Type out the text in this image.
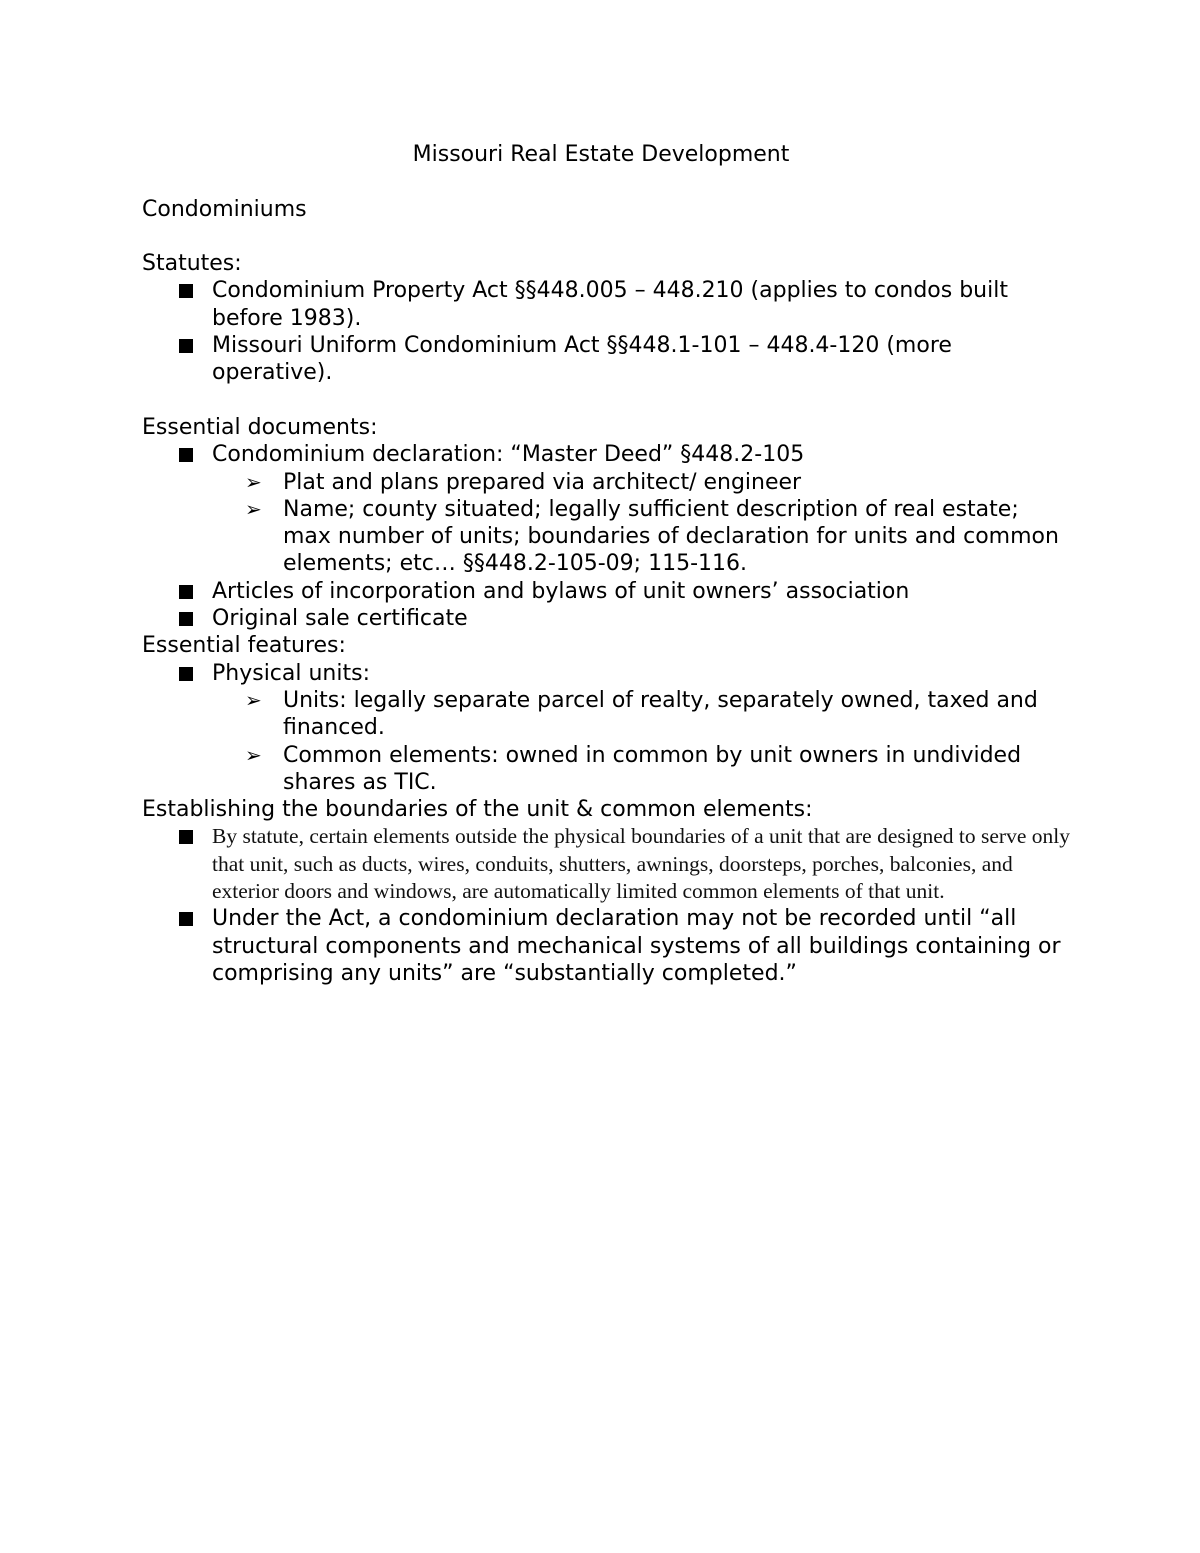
Missouri Real Estate Development

Condominiums

Statutes:

Condominium Property Act §§448.005 – 448.210 (applies to condos built before 1983).
Missouri Uniform Condominium Act §§448.1-101 – 448.4-120 (more operative).

Essential documents:

Condominium declaration: “Master Deed” §448.2-105
➢ Plat and plans prepared via architect/ engineer
➢ Name; county situated; legally sufficient description of real estate; max number of units; boundaries of declaration for units and common elements; etc… §§448.2-105-09; 115-116.
Articles of incorporation and bylaws of unit owners’ association
Original sale certificate

Essential features:

Physical units:
➢ Units: legally separate parcel of realty, separately owned, taxed and financed.
➢ Common elements: owned in common by unit owners in undivided shares as TIC.

Establishing the boundaries of the unit & common elements:

By statute, certain elements outside the physical boundaries of a unit that are designed to serve only that unit, such as ducts, wires, conduits, shutters, awnings, doorsteps, porches, balconies, and exterior doors and windows, are automatically limited common elements of that unit.
Under the Act, a condominium declaration may not be recorded until “all structural components and mechanical systems of all buildings containing or comprising any units” are “substantially completed.”
